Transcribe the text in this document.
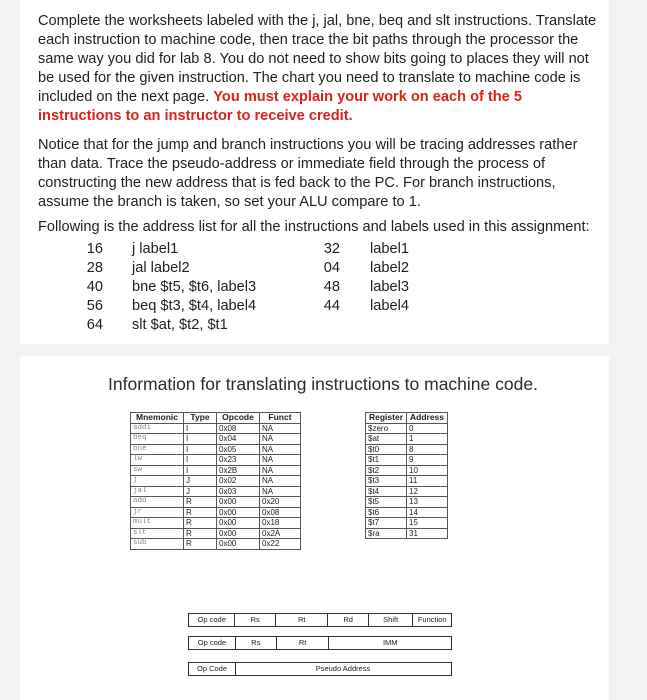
Complete the worksheets labeled with the j, jal, bne, beq and slt instructions. Translate each instruction to machine code, then trace the bit paths through the processor the same way you did for lab 8. You do not need to show bits going to places they will not be used for the given instruction. The chart you need to translate to machine code is included on the next page. You must explain your work on each of the 5 instructions to an instructor to receive credit.

Notice that for the jump and branch instructions you will be tracing addresses rather than data. Trace the pseudo-address or immediate field through the process of constructing the new address that is fed back to the PC. For branch instructions, assume the branch is taken, so set your ALU compare to 1.

Following is the address list for all the instructions and labels used in this assignment:

16 j label1	32 label1
28 jal label2	04 label2
40 bne $t5, $t6, label3	48 label3
56 beq $t3, $t4, label4	44 label4
64 slt $at, $t2, $t1
Information for translating instructions to machine code.
Mnemonic	Type	Opcode	Funct
addi	I	0x08	NA
beq	I	0x04	NA
bne	I	0x05	NA
lw	I	0x23	NA
sw	I	0x2B	NA
j	J	0x02	NA
jal	J	0x03	NA
add	R	0x00	0x20
jr	R	0x00	0x08
mult	R	0x00	0x18
slt	R	0x00	0x2A
sub	R	0x00	0x22
Register	Address
$zero	0
$at	1
$t0	8
$t1	9
$t2	10
$t3	11
$t4	12
$t5	13
$t6	14
$t7	15
$ra	31
Op code	Rs	Rt	Rd	Shift	Function
Op code	Rs	Rt	IMM
Op Code	Pseudo Address
